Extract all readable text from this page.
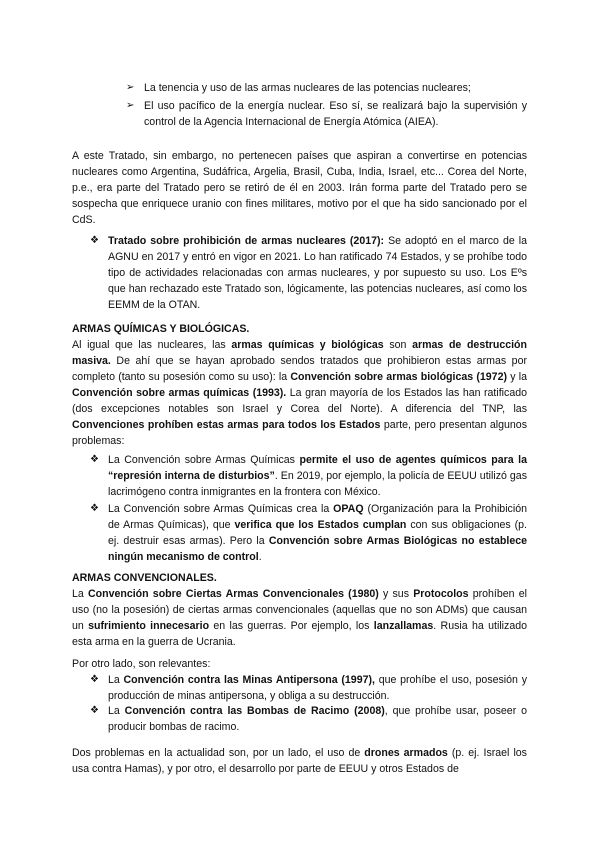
➢ La tenencia y uso de las armas nucleares de las potencias nucleares;

➢ El uso pacífico de la energía nuclear. Eso sí, se realizará bajo la supervisión y control de la Agencia Internacional de Energía Atómica (AIEA).

A este Tratado, sin embargo, no pertenecen países que aspiran a convertirse en potencias nucleares como Argentina, Sudáfrica, Argelia, Brasil, Cuba, India, Israel, etc... Corea del Norte, p.e., era parte del Tratado pero se retiró de él en 2003. Irán forma parte del Tratado pero se sospecha que enriquece uranio con fines militares, motivo por el que ha sido sancionado por el CdS.

❖ Tratado sobre prohibición de armas nucleares (2017): Se adoptó en el marco de la AGNU en 2017 y entró en vigor en 2021. Lo han ratificado 74 Estados, y se prohíbe todo tipo de actividades relacionadas con armas nucleares, y por supuesto su uso. Los Eºs que han rechazado este Tratado son, lógicamente, las potencias nucleares, así como los EEMM de la OTAN.

ARMAS QUÍMICAS Y BIOLÓGICAS.

Al igual que las nucleares, las armas químicas y biológicas son armas de destrucción masiva. De ahí que se hayan aprobado sendos tratados que prohibieron estas armas por completo (tanto su posesión como su uso): la Convención sobre armas biológicas (1972) y la Convención sobre armas químicas (1993). La gran mayoría de los Estados las han ratificado (dos excepciones notables son Israel y Corea del Norte). A diferencia del TNP, las Convenciones prohíben estas armas para todos los Estados parte, pero presentan algunos problemas:

❖ La Convención sobre Armas Químicas permite el uso de agentes químicos para la “represión interna de disturbios”. En 2019, por ejemplo, la policía de EEUU utilizó gas lacrimógeno contra inmigrantes en la frontera con México.

❖ La Convención sobre Armas Químicas crea la OPAQ (Organización para la Prohibición de Armas Químicas), que verifica que los Estados cumplan con sus obligaciones (p. ej. destruir esas armas). Pero la Convención sobre Armas Biológicas no establece ningún mecanismo de control.

ARMAS CONVENCIONALES.

La Convención sobre Ciertas Armas Convencionales (1980) y sus Protocolos prohíben el uso (no la posesión) de ciertas armas convencionales (aquellas que no son ADMs) que causan un sufrimiento innecesario en las guerras. Por ejemplo, los lanzallamas. Rusia ha utilizado esta arma en la guerra de Ucrania.

Por otro lado, son relevantes:

❖ La Convención contra las Minas Antipersona (1997), que prohíbe el uso, posesión y producción de minas antipersona, y obliga a su destrucción.

❖ La Convención contra las Bombas de Racimo (2008), que prohíbe usar, poseer o producir bombas de racimo.

Dos problemas en la actualidad son, por un lado, el uso de drones armados (p. ej. Israel los usa contra Hamas), y por otro, el desarrollo por parte de EEUU y otros Estados de
